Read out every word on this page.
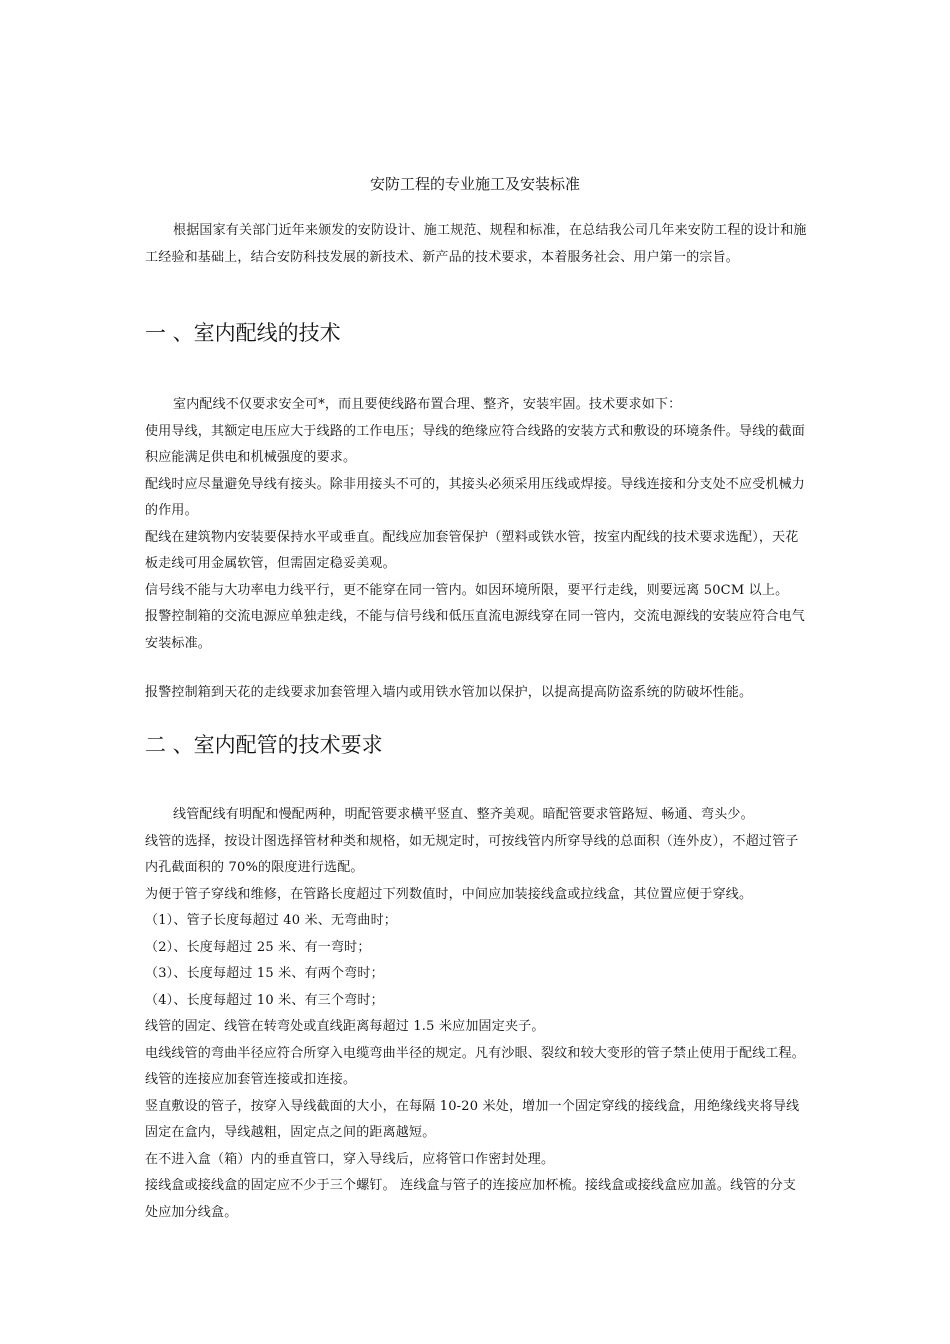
安防工程的专业施工及安装标准
根据国家有关部门近年来颁发的安防设计、施工规范、规程和标准，在总结我公司几年来安防工程的设计和施工经验和基础上，结合安防科技发展的新技术、新产品的技术要求，本着服务社会、用户第一的宗旨。
一 、室内配线的技术

室内配线不仅要求安全可*，而且要使线路布置合理、整齐，安装牢固。技术要求如下：

使用导线，其额定电压应大于线路的工作电压；导线的绝缘应符合线路的安装方式和敷设的环境条件。导线的截面积应能满足供电和机械强度的要求。

配线时应尽量避免导线有接头。除非用接头不可的，其接头必须采用压线或焊接。导线连接和分支处不应受机械力的作用。

配线在建筑物内安装要保持水平或垂直。配线应加套管保护（塑料或铁水管，按室内配线的技术要求选配），天花板走线可用金属软管，但需固定稳妥美观。

信号线不能与大功率电力线平行，更不能穿在同一管内。如因环境所限，要平行走线，则要远离 50CM 以上。

报警控制箱的交流电源应单独走线，不能与信号线和低压直流电源线穿在同一管内，交流电源线的安装应符合电气安装标准。

报警控制箱到天花的走线要求加套管埋入墙内或用铁水管加以保护，以提高提高防盗系统的防破坏性能。
二 、室内配管的技术要求

线管配线有明配和慢配两种，明配管要求横平竖直、整齐美观。暗配管要求管路短、畅通、弯头少。

线管的选择，按设计图选择管材种类和规格，如无规定时，可按线管内所穿导线的总面积（连外皮），不超过管子内孔截面积的 70%的限度进行选配。

为便于管子穿线和维修，在管路长度超过下列数值时，中间应加装接线盒或拉线盒，其位置应便于穿线。

（1）、管子长度每超过 40 米、无弯曲时；

（2）、长度每超过 25 米、有一弯时；

（3）、长度每超过 15 米、有两个弯时；

（4）、长度每超过 10 米、有三个弯时；

线管的固定、线管在转弯处或直线距离每超过 1.5 米应加固定夹子。

电线线管的弯曲半径应符合所穿入电缆弯曲半径的规定。凡有沙眼、裂纹和较大变形的管子禁止使用于配线工程。线管的连接应加套管连接或扣连接。

竖直敷设的管子，按穿入导线截面的大小，在每隔 10-20 米处，增加一个固定穿线的接线盒，用绝缘线夹将导线固定在盒内，导线越粗，固定点之间的距离越短。

在不进入盒（箱）内的垂直管口，穿入导线后，应将管口作密封处理。

接线盒或接线盒的固定应不少于三个螺钉。 连线盒与管子的连接应加杯梳。接线盒或接线盒应加盖。线管的分支处应加分线盒。
